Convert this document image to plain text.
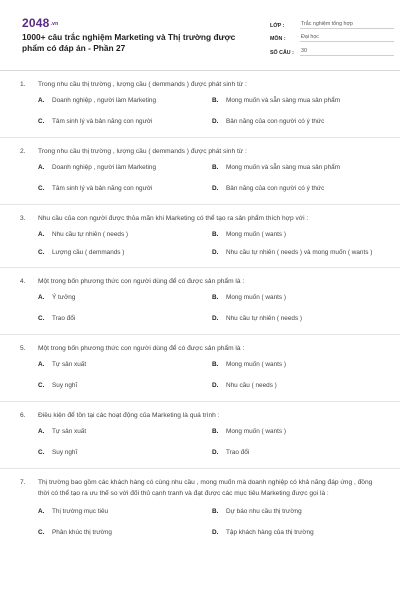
2048.vn
1000+ câu trắc nghiệm Marketing và Thị trường được phẩm có đáp án - Phần 27
LỚP :	Trắc nghiệm tổng hợp
MÔN :	Đại học
SỐ CÂU :	30
1.	Trong nhu cầu thị trường , lượng cầu ( demmands ) được phát sinh từ :
A.	Doanh nghiệp , người làm Marketing	B.	Mong muốn và sẵn sàng mua sản phẩm
C.	Tâm sinh lý và bản năng con người	D.	Bản năng của con người có ý thức
2.	Trong nhu cầu thị trường , lượng cầu ( demmands ) được phát sinh từ :
A.	Doanh nghiệp , người làm Marketing	B.	Mong muốn và sẵn sàng mua sản phẩm
C.	Tâm sinh lý và bản năng con người	D.	Bản năng của con người có ý thức
3.	Nhu cầu của con người được thỏa mãn khi Marketing có thể tạo ra sản phẩm thích hợp với :
A.	Nhu cầu tự nhiên ( needs )	B.	Mong muốn ( wants )
C.	Lượng cầu ( demmands )	D.	Nhu cầu tự nhiên ( needs ) và mong muốn ( wants )
4.	Một trong bốn phương thức con người dùng để có được sản phẩm là :
A.	Ý tưởng	B.	Mong muốn ( wants )
C.	Trao đổi	D.	Nhu cầu tự nhiên ( needs )
5.	Một trong bốn phương thức con người dùng để có được sản phẩm là :
A.	Tự sản xuất	B.	Mong muốn ( wants )
C.	Suy nghĩ	D.	Nhu cầu ( needs )
6.	Điều kiện để tồn tại các hoạt động của Marketing là quá trình :
A.	Tự sản xuất	B.	Mong muốn ( wants )
C.	Suy nghĩ	D.	Trao đổi
7.	Thị trường bao gồm các khách hàng có cùng nhu cầu , mong muốn mà doanh nghiệp có khả năng đáp ứng , đồng thời có thể tạo ra ưu thế so với đối thủ cạnh tranh và đạt được các mục tiêu Marketing được gọi là :
A.	Thị trường mục tiêu	B.	Dự báo nhu cầu thị trường
C.	Phân khúc thị trường	D.	Tập khách hàng của thị trường
